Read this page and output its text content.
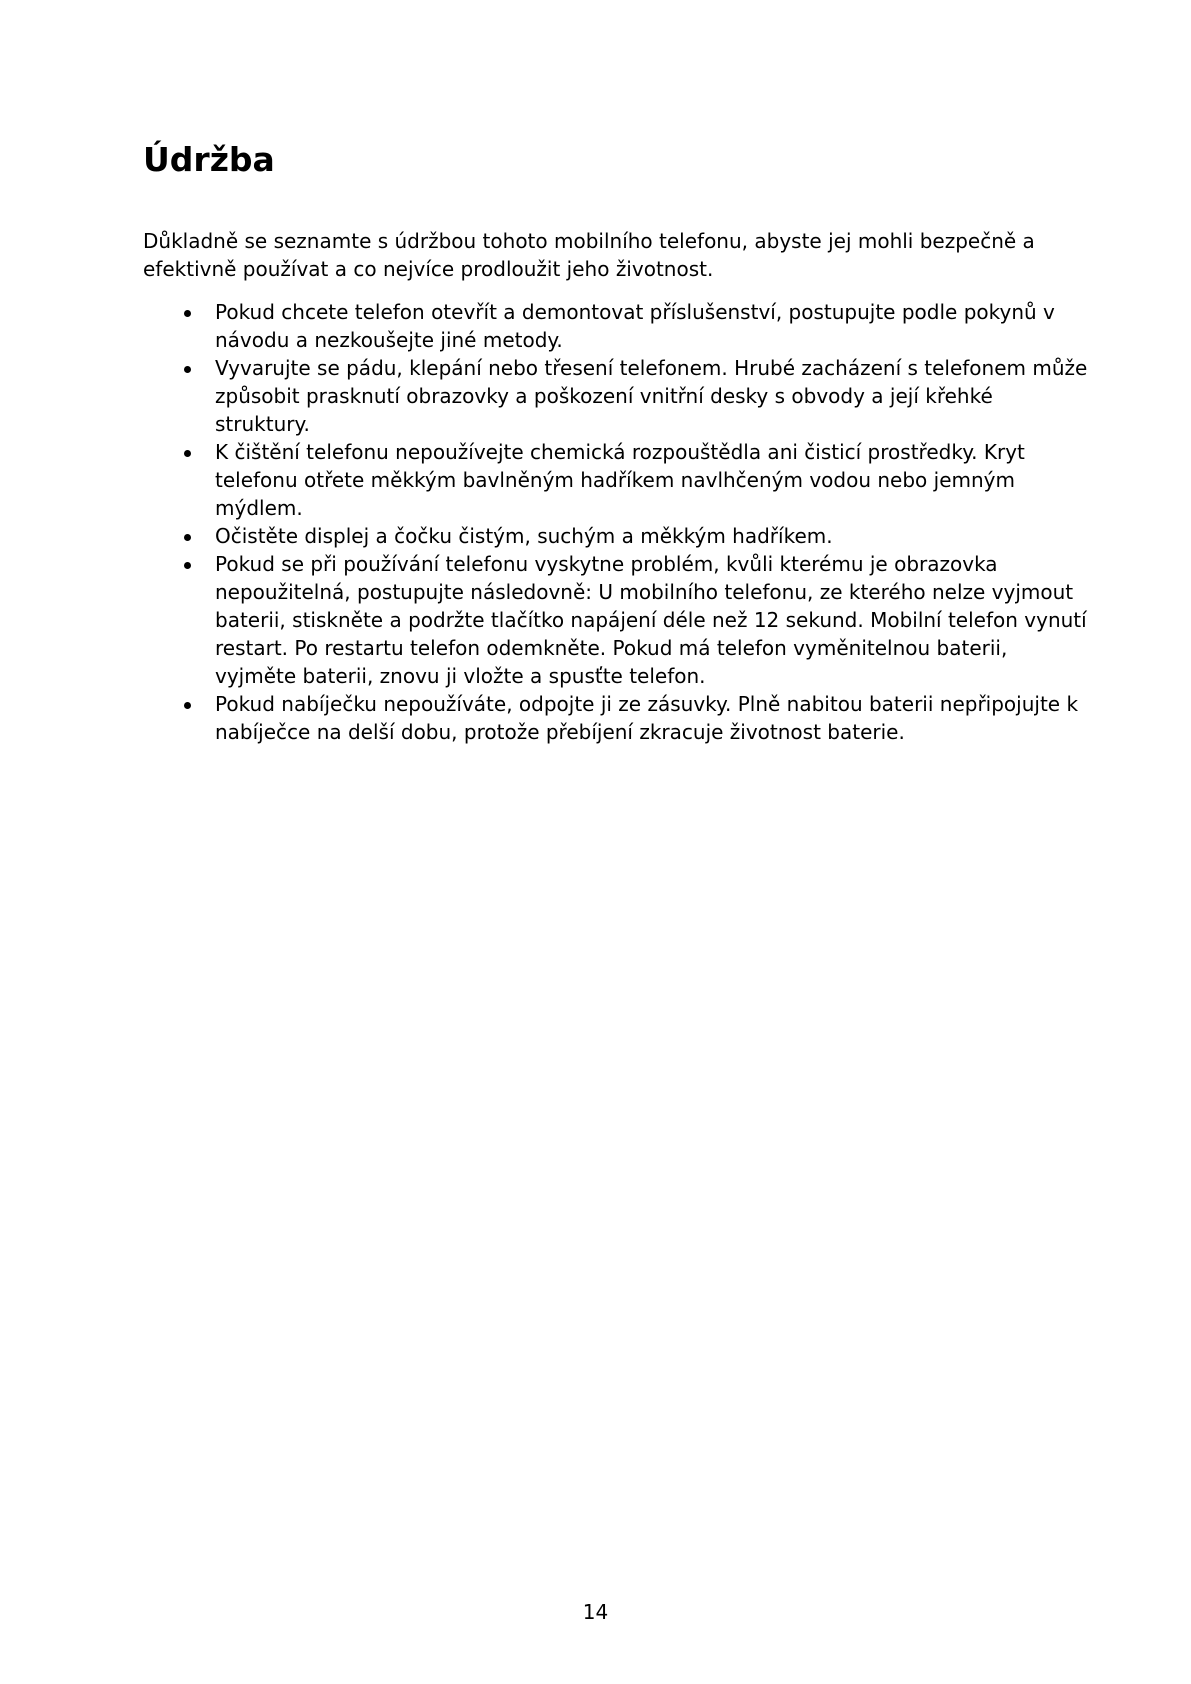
Údržba

Důkladně se seznamte s údržbou tohoto mobilního telefonu, abyste jej mohli bezpečně a efektivně používat a co nejvíce prodloužit jeho životnost.

Pokud chcete telefon otevřít a demontovat příslušenství, postupujte podle pokynů v návodu a nezkoušejte jiné metody.
Vyvarujte se pádu, klepání nebo třesení telefonem. Hrubé zacházení s telefonem může způsobit prasknutí obrazovky a poškození vnitřní desky s obvody a její křehké struktury.
K čištění telefonu nepoužívejte chemická rozpouštědla ani čisticí prostředky. Kryt telefonu otřete měkkým bavlněným hadříkem navlhčeným vodou nebo jemným mýdlem.
Očistěte displej a čočku čistým, suchým a měkkým hadříkem.
Pokud se při používání telefonu vyskytne problém, kvůli kterému je obrazovka nepoužitelná, postupujte následovně: U mobilního telefonu, ze kterého nelze vyjmout baterii, stiskněte a podržte tlačítko napájení déle než 12 sekund. Mobilní telefon vynutí restart. Po restartu telefon odemkněte. Pokud má telefon vyměnitelnou baterii, vyjměte baterii, znovu ji vložte a spusťte telefon.
Pokud nabíječku nepoužíváte, odpojte ji ze zásuvky. Plně nabitou baterii nepřipojujte k nabíječce na delší dobu, protože přebíjení zkracuje životnost baterie.
14
